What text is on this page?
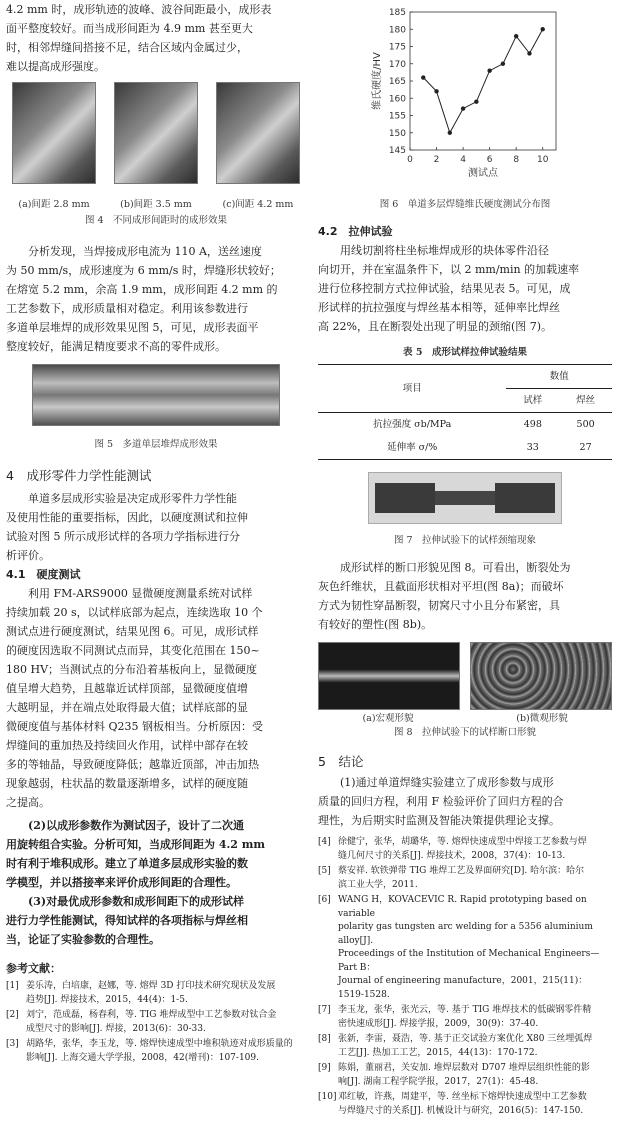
4.2 mm 时，成形轨迹的波峰、波谷间距最小，成形表

面平整度较好。而当成形间距为 4.9 mm 甚至更大

时，相邻焊缝间搭接不足，结合区域内金属过少，

难以提高成形强度。

(a)间距 2.8 mm	(b)间距 3.5 mm	(c)间距 4.2 mm
图 4　不同成形间距时的成形效果

分析发现，当焊接成形电流为 110 A，送丝速度

为 50 mm/s，成形速度为 6 mm/s 时，焊缝形状较好；

在熔宽 5.2 mm，余高 1.9 mm，成形间距 4.2 mm 的

工艺参数下，成形质量相对稳定。利用该参数进行

多道单层堆焊的成形效果见图 5，可见，成形表面平

整度较好，能满足精度要求不高的零件成形。

图 5　多道单层堆焊成形效果

4　成形零件力学性能测试

单道多层成形实验是决定成形零件力学性能

及使用性能的重要指标，因此，以硬度测试和拉伸

试验对图 5 所示成形试样的各项力学指标进行分

析评价。

4.1　硬度测试

利用 FM-ARS9000 显微硬度测量系统对试样

持续加载 20 s，以试样底部为起点，连续选取 10 个

测试点进行硬度测试，结果见图 6。可见，成形试样

的硬度因选取不同测试点而异，其变化范围在 150~

180 HV；当测试点的分布沿着基板向上，显微硬度

值呈增大趋势，且越靠近试样顶部，显微硬度值增

大越明显，并在端点处取得最大值；试样底部的显

微硬度值与基体材料 Q235 钢板相当。分析原因：受

焊缝间的重加热及持续回火作用，试样中部存在较

多的等轴晶，导致硬度降低；越靠近顶部，冲击加热

现象越弱，柱状晶的数量逐渐增多，试样的硬度随

之提高。

(2)以成形参数作为测试因子，设计了二次通

用旋转组合实验。分析可知，当成形间距为 4.2 mm

时有利于堆积成形。建立了单道多层成形实验的数

学模型，并以搭接率来评价成形间距的合理性。

(3)对最优成形参数和成形间距下的成形试样

进行力学性能测试，得知试样的各项指标与焊丝相

当，论证了实验参数的合理性。

参考文献：

[1] 姜乐涛，白培康，赵娜，等. 熔焊 3D 打印技术研究现状及发展
趋势[J]. 焊接技术，2015，44(4)：1-5.
[2] 刘宁，范成磊，杨春利，等. TIG 堆焊成型中工艺参数对钛合金
成型尺寸的影响[J]. 焊接，2013(6)：30-33.
[3] 胡路华，张华，李玉龙，等. 熔焊快速成型中堆积轨迹对成形质量的
影响[J]. 上海交通大学学报，2008，42(增刊)：107-109.
145
150
155
160
165
170
175
180
185
0 2 4 6 8 10
测试点
维氏硬度/HV
图 6　单道多层焊缝维氏硬度测试分布图

4.2　拉伸试验

用线切割将柱坐标堆焊成形的块体零件沿径

向切开，并在室温条件下，以 2 mm/min 的加载速率

进行位移控制方式拉伸试验，结果见表 5。可见，成

形试样的抗拉强度与焊丝基本相等，延伸率比焊丝

高 22%，且在断裂处出现了明显的颈缩(图 7)。

表 5　成形试样拉伸试验结果
项目	数值	
	试样	焊丝
抗拉强度 σb/MPa	498	500
延伸率 σ/%	33	27
图 7　拉伸试验下的试样颈缩现象

成形试样的断口形貌见图 8。可看出，断裂处为

灰色纤维状，且截面形状相对平坦(图 8a)；而破坏

方式为韧性穿晶断裂，韧窝尺寸小且分布紧密，具

有较好的塑性(图 8b)。

(a)宏观形貌	(b)微观形貌
图 8　拉伸试验下的试样断口形貌

5　结论

(1)通过单道焊缝实验建立了成形参数与成形

质量的回归方程，利用 F 检验评价了回归方程的合

理性，为后期实时监测及智能决策提供理论支撑。

[4] 徐健宁，张华，胡璐华，等. 熔焊快速成型中焊接工艺参数与焊
缝几何尺寸的关系[J]. 焊接技术，2008，37(4)：10-13.
[5] 蔡安祥. 软铁弹带 TIG 堆焊工艺及界面研究[D]. 哈尔滨：哈尔
滨工业大学，2011.
[6] WANG H，KOVACEVIC R. Rapid prototyping based on variable
polarity gas tungsten arc welding for a 5356 aluminium alloy[J].
Proceedings of the Institution of Mechanical Engineers—Part B：
Journal of engineering manufacture，2001，215(11)：1519-1528.
[7] 李玉龙，张华，张光云，等. 基于 TIG 堆焊技术的低碳钢零件精
密快速成形[J]. 焊接学报，2009，30(9)：37-40.
[8] 张新，李雷，聂浩，等. 基于正交试验方案优化 X80 三丝埋弧焊
工艺[J]. 热加工工艺，2015，44(13)：170-172.
[9] 陈娟，董丽君，关安加. 堆焊层数对 D707 堆焊层组织性能的影
响[J]. 湖南工程学院学报，2017，27(1)：45-48.
[10] 邓红敏，许燕，周建平，等. 丝坐标下熔焊快速成型中工艺参数
与焊缝尺寸的关系[J]. 机械设计与研究，2016(5)：147-150.
